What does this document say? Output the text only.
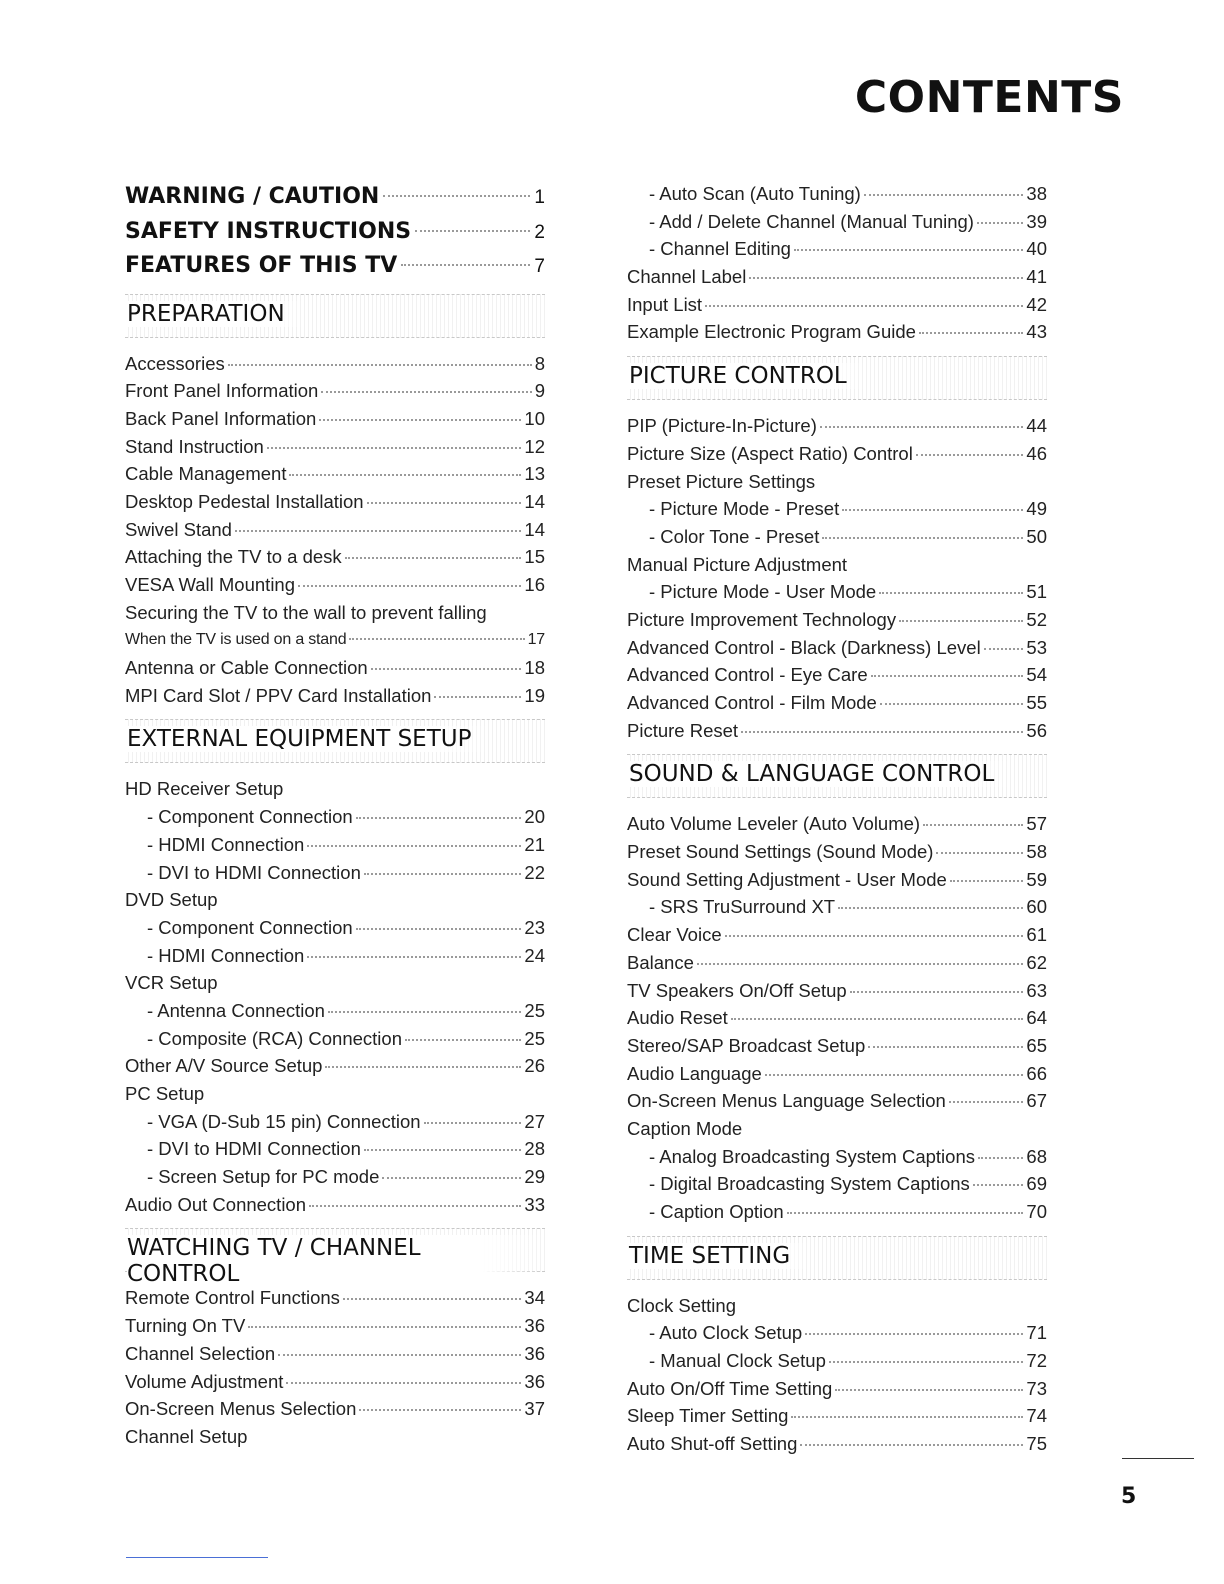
CONTENTS
WARNING / CAUTION	1
SAFETY INSTRUCTIONS	2
FEATURES OF THIS TV	7
PREPARATION
Accessories	8
Front Panel Information	9
Back Panel Information	10
Stand Instruction	12
Cable Management	13
Desktop Pedestal Installation	14
Swivel Stand	14
Attaching the TV to a desk	15
VESA Wall Mounting	16
Securing the TV to the wall to prevent falling
When the TV is used on a stand	17
Antenna or Cable Connection	18
MPI Card Slot / PPV Card Installation	19
EXTERNAL EQUIPMENT SETUP
HD Receiver Setup
- Component Connection	20
- HDMI Connection	21
- DVI to HDMI Connection	22
DVD Setup
- Component Connection	23
- HDMI Connection	24
VCR Setup
- Antenna Connection	25
- Composite (RCA) Connection	25
Other A/V Source Setup	26
PC Setup
- VGA (D-Sub 15 pin) Connection	27
- DVI to HDMI Connection	28
- Screen Setup for PC mode	29
Audio Out Connection	33
WATCHING TV / CHANNEL CONTROL
Remote Control Functions	34
Turning On TV	36
Channel Selection	36
Volume Adjustment	36
On-Screen Menus Selection	37
Channel Setup
- Auto Scan (Auto Tuning)	38
- Add / Delete Channel (Manual Tuning)	39
- Channel Editing	40
Channel Label	41
Input List	42
Example Electronic Program Guide	43
PICTURE CONTROL
PIP (Picture-In-Picture)	44
Picture Size (Aspect Ratio) Control	46
Preset Picture Settings
- Picture Mode - Preset	49
- Color Tone - Preset	50
Manual Picture Adjustment
- Picture Mode - User Mode	51
Picture Improvement Technology	52
Advanced Control - Black (Darkness) Level 53
Advanced Control - Eye Care	54
Advanced Control - Film Mode	55
Picture Reset	56
SOUND & LANGUAGE CONTROL
Auto Volume Leveler (Auto Volume)	57
Preset Sound Settings (Sound Mode)	58
Sound Setting Adjustment - User Mode	59
- SRS TruSurround XT	60
Clear Voice	61
Balance	62
TV Speakers On/Off Setup	63
Audio Reset	64
Stereo/SAP Broadcast Setup	65
Audio Language	66
On-Screen Menus Language Selection	67
Caption Mode
- Analog Broadcasting System Captions	68
- Digital Broadcasting System Captions	69
- Caption Option	70
TIME SETTING
Clock Setting
- Auto Clock Setup	71
- Manual Clock Setup	72
Auto On/Off Time Setting	73
Sleep Timer Setting	74
Auto Shut-off Setting	75
5
